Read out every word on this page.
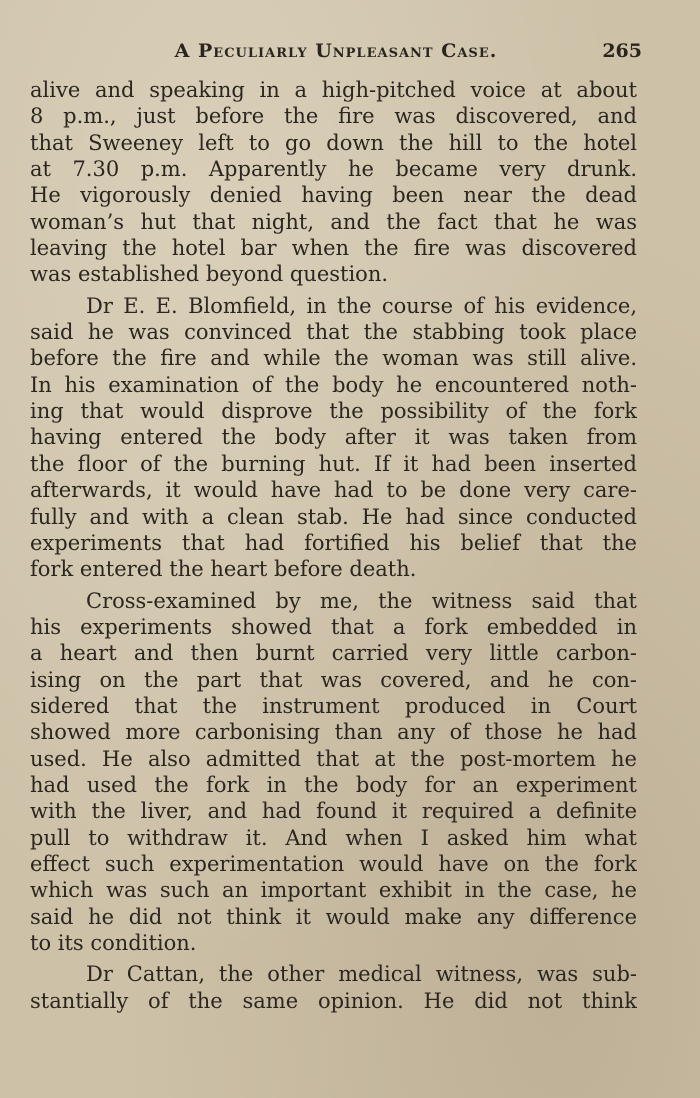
A Peculiarly Unpleasant Case.	265
alive and speaking in a high-pitched voice at about
8 p.m., just before the fire was discovered, and
that Sweeney left to go down the hill to the hotel
at 7.30 p.m. Apparently he became very drunk.
He vigorously denied having been near the dead
woman’s hut that night, and the fact that he was
leaving the hotel bar when the fire was discovered
was established beyond question.
Dr E. E. Blomfield, in the course of his evidence,
said he was convinced that the stabbing took place
before the fire and while the woman was still alive.
In his examination of the body he encountered noth-
ing that would disprove the possibility of the fork
having entered the body after it was taken from
the floor of the burning hut. If it had been inserted
afterwards, it would have had to be done very care-
fully and with a clean stab. He had since conducted
experiments that had fortified his belief that the
fork entered the heart before death.
Cross-examined by me, the witness said that
his experiments showed that a fork embedded in
a heart and then burnt carried very little carbon-
ising on the part that was covered, and he con-
sidered that the instrument produced in Court
showed more carbonising than any of those he had
used. He also admitted that at the post-mortem he
had used the fork in the body for an experiment
with the liver, and had found it required a definite
pull to withdraw it. And when I asked him what
effect such experimentation would have on the fork
which was such an important exhibit in the case, he
said he did not think it would make any difference
to its condition.
Dr Cattan, the other medical witness, was sub-
stantially of the same opinion. He did not think
